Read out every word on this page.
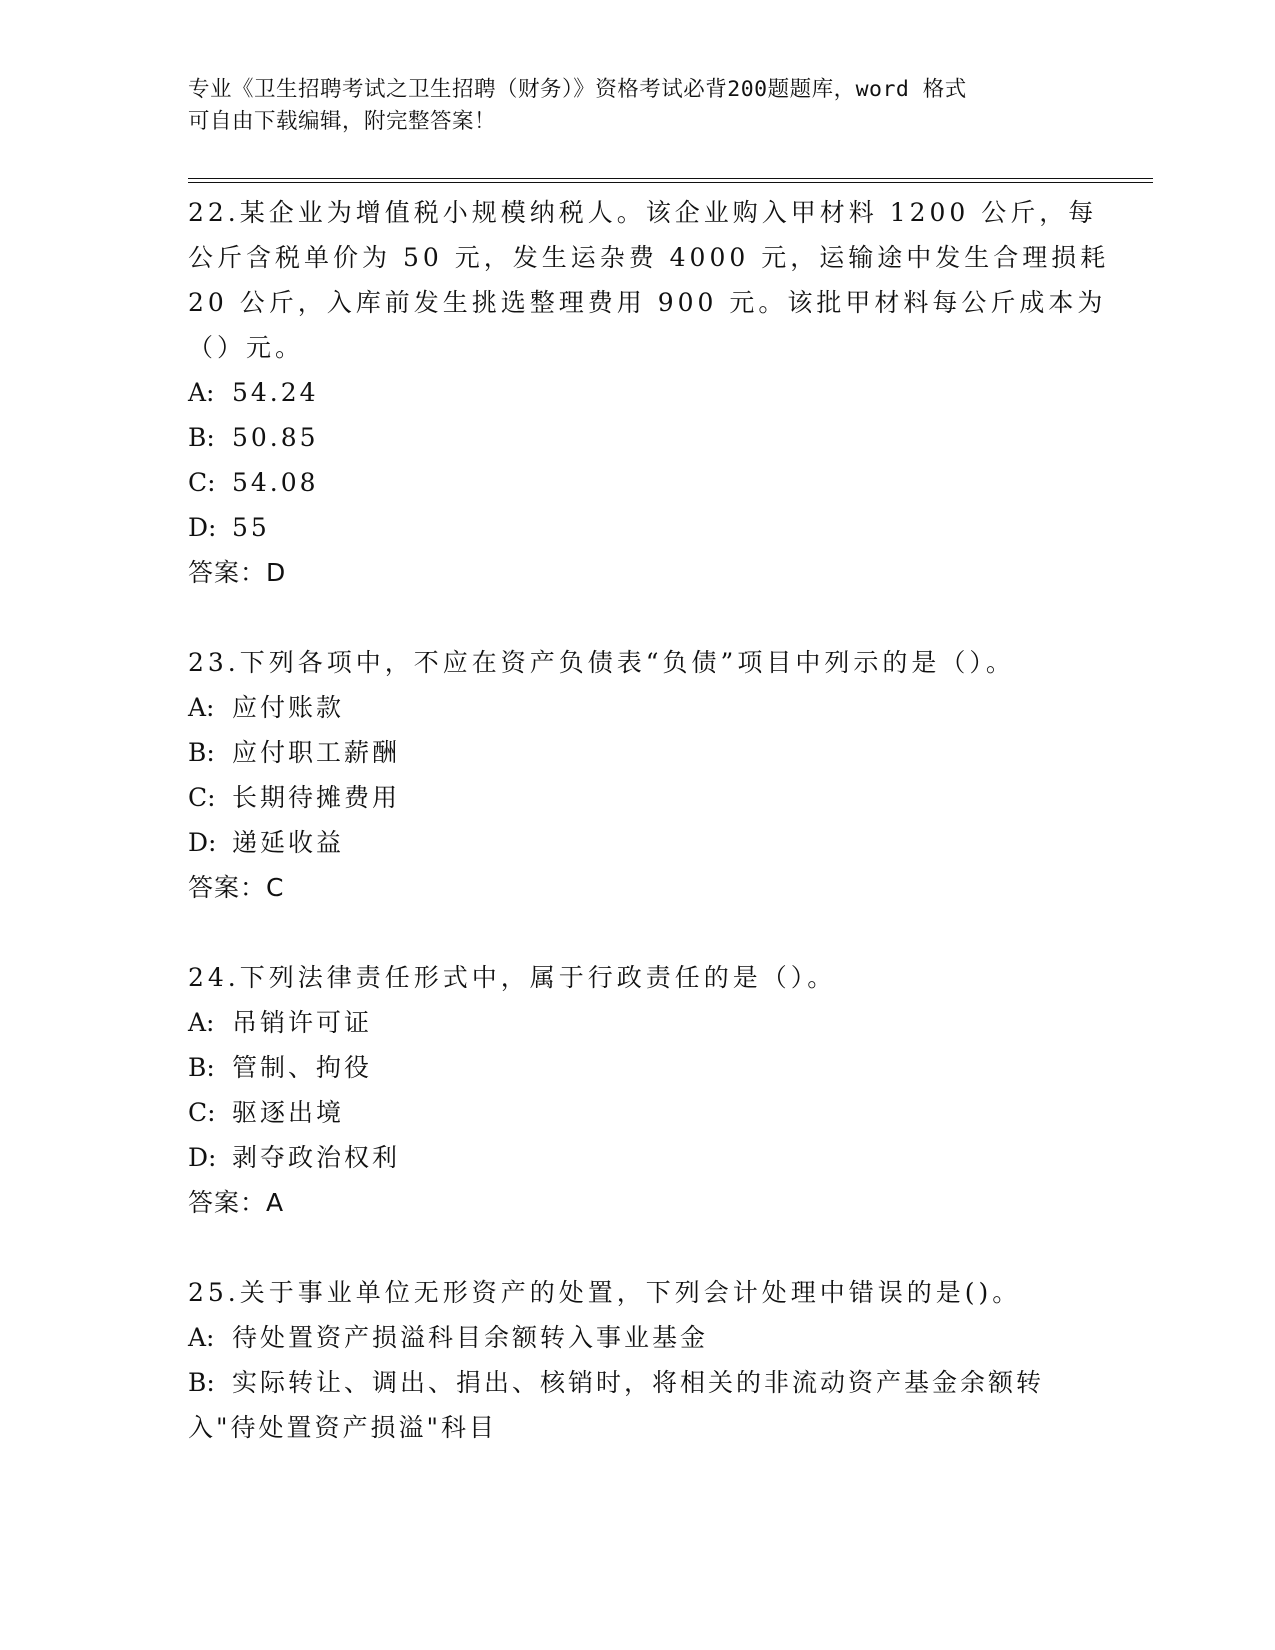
专业《卫生招聘考试之卫生招聘（财务）》资格考试必背200题题库，word 格式
可自由下载编辑，附完整答案！
22.某企业为增值税小规模纳税人。该企业购入甲材料 1200 公斤，每
公斤含税单价为 50 元，发生运杂费 4000 元，运输途中发生合理损耗
20 公斤，入库前发生挑选整理费用 900 元。该批甲材料每公斤成本为
（）元。
A: 54.24
B: 50.85
C: 54.08
D: 55
答案：D
23.下列各项中，不应在资产负债表“负债”项目中列示的是（）。
A: 应付账款
B: 应付职工薪酬
C: 长期待摊费用
D: 递延收益
答案：C
24.下列法律责任形式中，属于行政责任的是（）。
A: 吊销许可证
B: 管制、拘役
C: 驱逐出境
D: 剥夺政治权利
答案：A
25.关于事业单位无形资产的处置，下列会计处理中错误的是()。
A: 待处置资产损溢科目余额转入事业基金
B: 实际转让、调出、捐出、核销时，将相关的非流动资产基金余额转
入"待处置资产损溢"科目
